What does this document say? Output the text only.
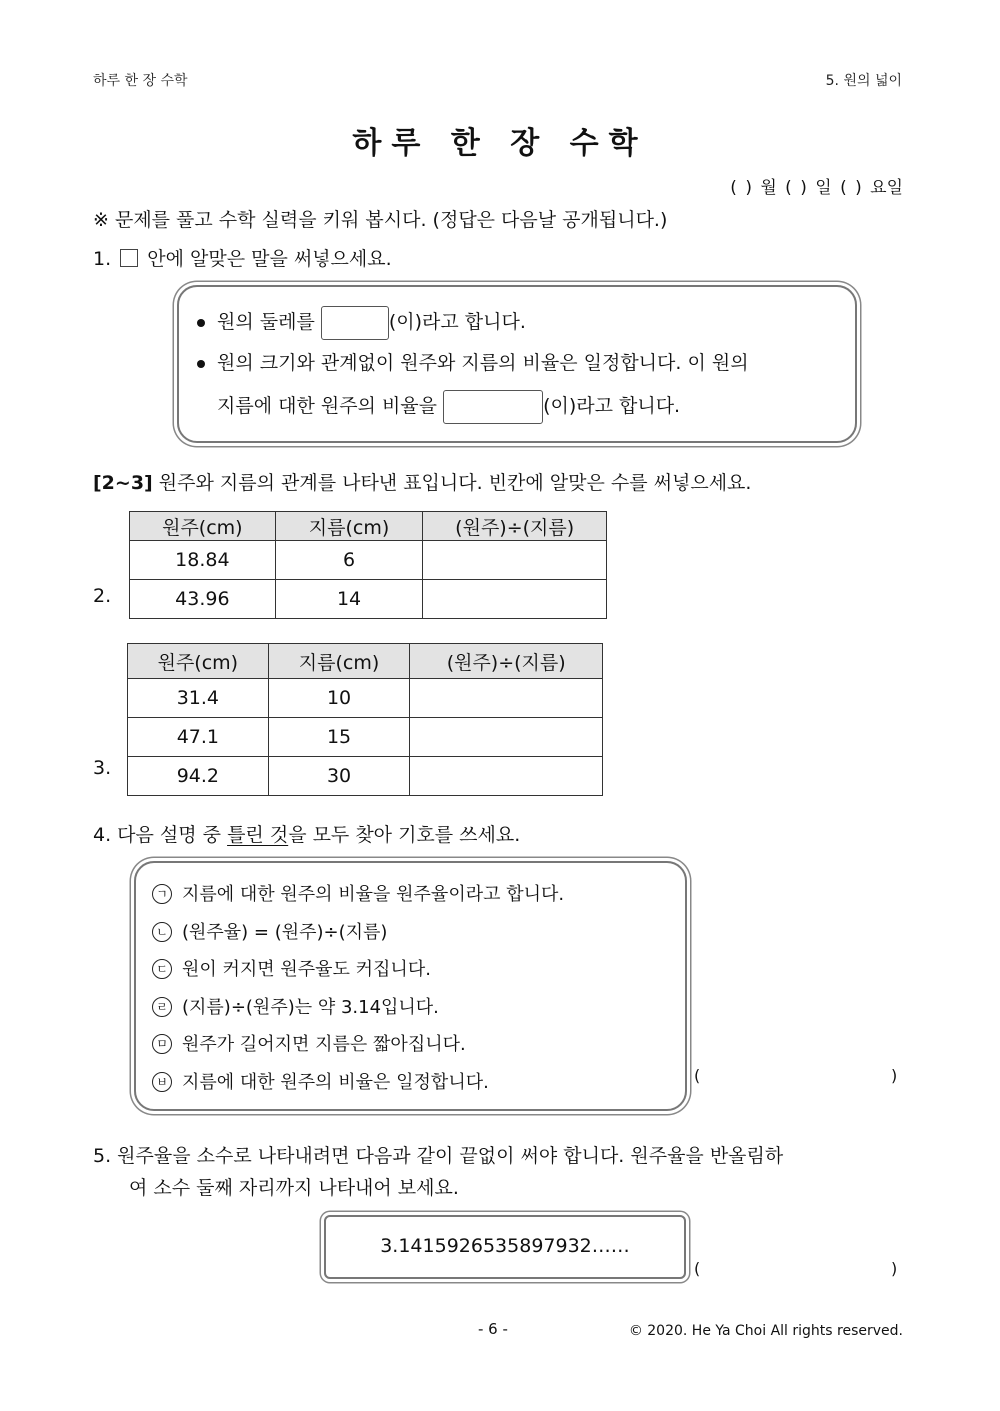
하루 한 장 수학	5. 원의 넓이
하루 한 장 수학
( ) 월 ( ) 일 ( ) 요일
※ 문제를 풀고 수학 실력을 키워 봅시다. (정답은 다음날 공개됩니다.)
1. 안에 알맞은 말을 써넣으세요.
원의 둘레를	(이)라고 합니다.
원의 크기와 관계없이 원주와 지름의 비율은 일정합니다. 이 원의
지름에 대한 원주의 비율을	(이)라고 합니다.
[2~3] 원주와 지름의 관계를 나타낸 표입니다. 빈칸에 알맞은 수를 써넣으세요.
2.
원주(cm)	지름(cm)	(원주)÷(지름)
18.84	6	
43.96	14	
3.
원주(cm)	지름(cm)	(원주)÷(지름)
31.4	10	
47.1	15	
94.2	30	
4. 다음 설명 중 틀린 것을 모두 찾아 기호를 쓰세요.
ㄱ 지름에 대한 원주의 비율을 원주율이라고 합니다.
ㄴ (원주율) = (원주)÷(지름)
ㄷ 원이 커지면 원주율도 커집니다.
ㄹ (지름)÷(원주)는 약 3.14입니다.
ㅁ 원주가 길어지면 지름은 짧아집니다.
ㅂ 지름에 대한 원주의 비율은 일정합니다.	(	)
5. 원주율을 소수로 나타내려면 다음과 같이 끝없이 써야 합니다. 원주율을 반올림하
여 소수 둘째 자리까지 나타내어 보세요.
3.1415926535897932……
(	)
- 6 -	© 2020. He Ya Choi All rights reserved.
